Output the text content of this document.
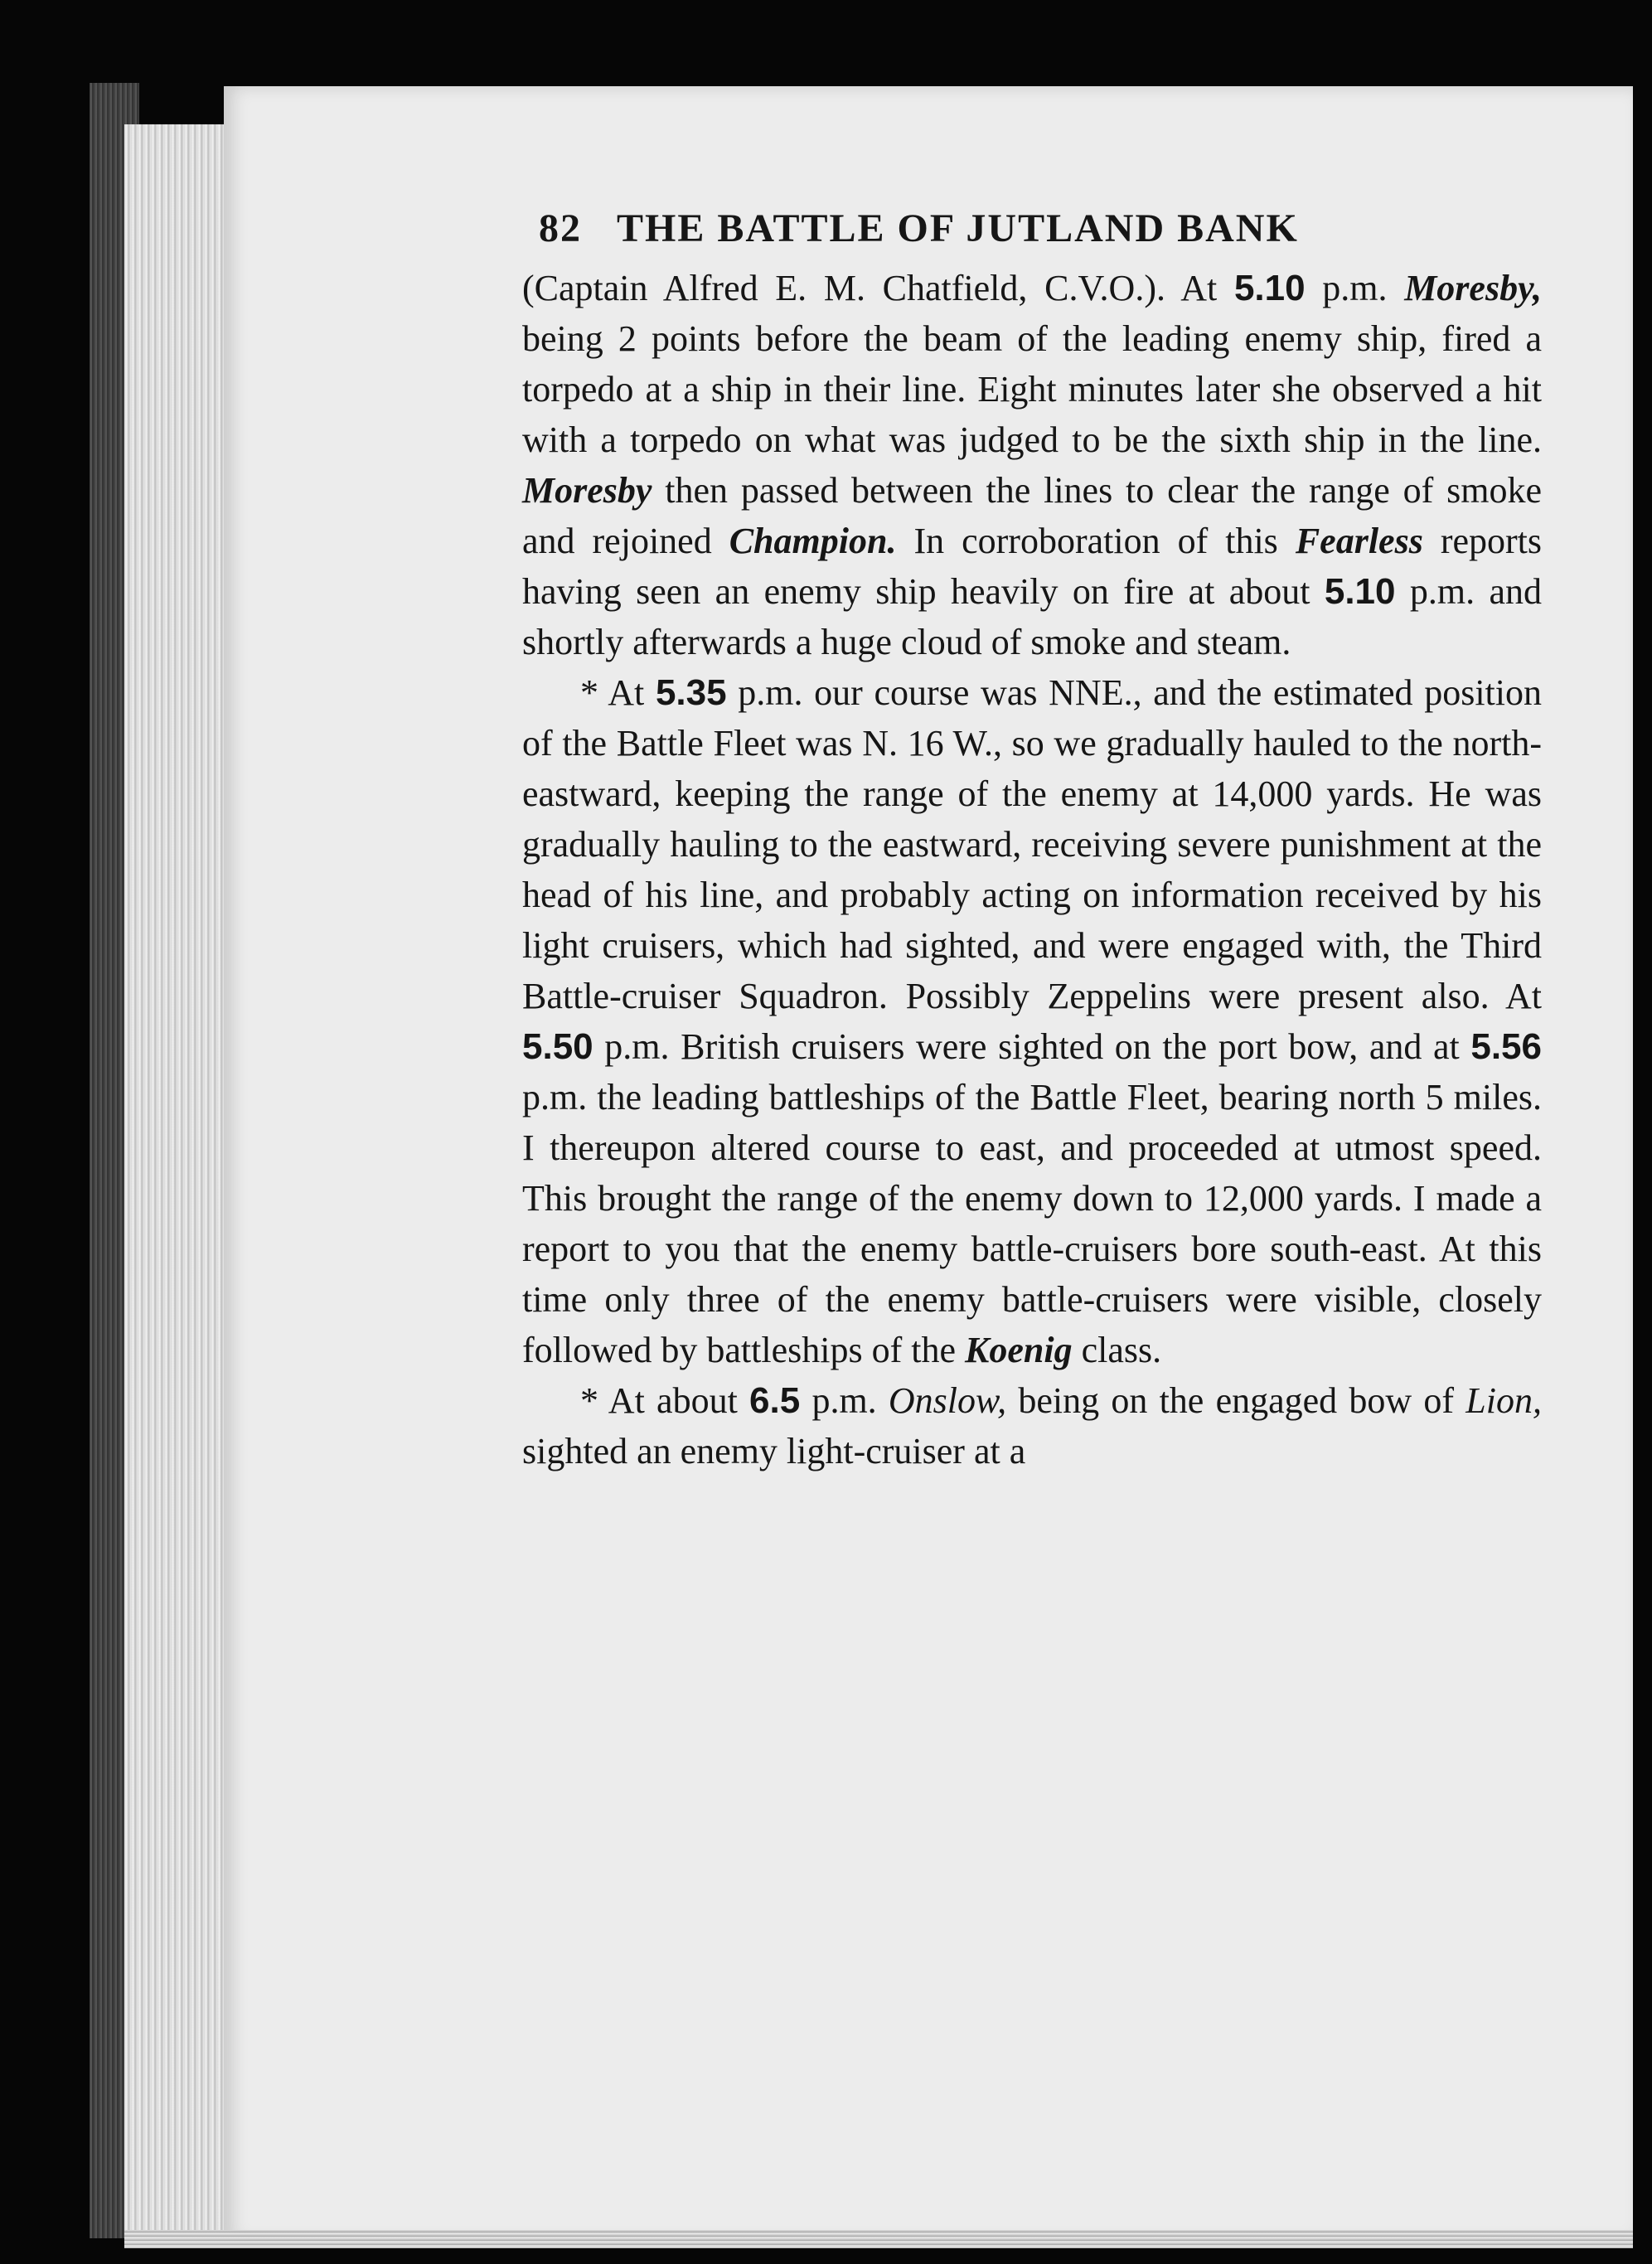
82 THE BATTLE OF JUTLAND BANK

(Captain Alfred E. M. Chatfield, C.V.O.). At 5.10 p.m. Moresby, being 2 points before the beam of the leading enemy ship, fired a torpedo at a ship in their line. Eight minutes later she observed a hit with a torpedo on what was judged to be the sixth ship in the line. Moresby then passed between the lines to clear the range of smoke and rejoined Champion. In corroboration of this Fearless reports having seen an enemy ship heavily on fire at about 5.10 p.m. and shortly afterwards a huge cloud of smoke and steam.

* At 5.35 p.m. our course was NNE., and the estimated position of the Battle Fleet was N. 16 W., so we gradually hauled to the north-eastward, keeping the range of the enemy at 14,000 yards. He was gradually hauling to the eastward, receiving severe punishment at the head of his line, and probably acting on information received by his light cruisers, which had sighted, and were engaged with, the Third Battle-cruiser Squadron. Possibly Zeppelins were present also. At 5.50 p.m. British cruisers were sighted on the port bow, and at 5.56 p.m. the leading battleships of the Battle Fleet, bearing north 5 miles. I thereupon altered course to east, and proceeded at utmost speed. This brought the range of the enemy down to 12,000 yards. I made a report to you that the enemy battle-cruisers bore south-east. At this time only three of the enemy battle-cruisers were visible, closely followed by battleships of the Koenig class.

* At about 6.5 p.m. Onslow, being on the engaged bow of Lion, sighted an enemy light-cruiser at a
